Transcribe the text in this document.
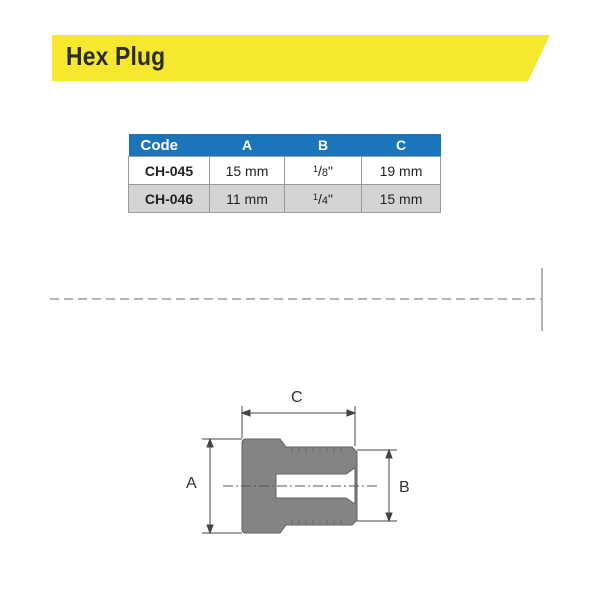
Hex Plug
Code	A	B	C
CH-045	15 mm	$^1$/8"	19 mm
CH-046	11 mm	$^1$/4"	15 mm
A	B
C
